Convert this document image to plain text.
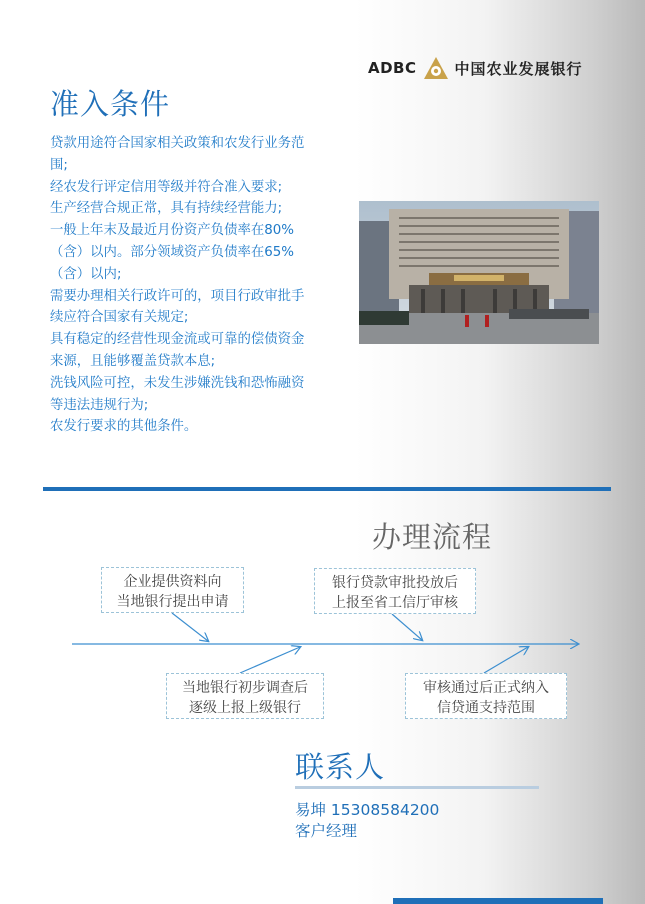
ADBC	中国农业发展银行
准入条件

贷款用途符合国家相关政策和农发行业务范

围;

经农发行评定信用等级并符合准入要求;

生产经营合规正常，具有持续经营能力;

一般上年末及最近月份资产负债率在80%

（含）以内。部分领域资产负债率在65%

（含）以内;

需要办理相关行政许可的，项目行政审批手

续应符合国家有关规定;

具有稳定的经营性现金流或可靠的偿债资金

来源，且能够覆盖贷款本息;

洗钱风险可控，未发生涉嫌洗钱和恐怖融资

等违法违规行为;

农发行要求的其他条件。

办理流程
企业提供资料向
当地银行提出申请
银行贷款审批投放后
上报至省工信厅审核
当地银行初步调查后
逐级上报上级银行
审核通过后正式纳入
信贷通支持范围
联系人
易坤 15308584200
客户经理
